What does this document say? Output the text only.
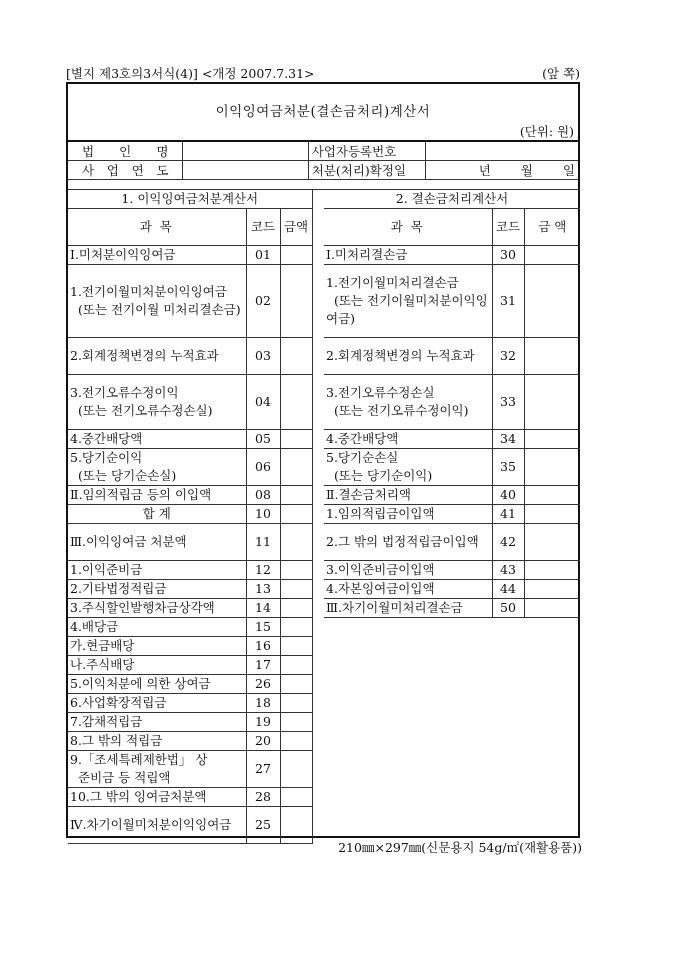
[별지 제3호의3서식(4)] <개정 2007.7.31>	(앞 쪽)
이익잉여금처분(결손금처리)계산서
(단위: 원)
법 인 명		사업자등록번호	
사 업 연 도		처분(처리)확정일	년 월 일
1. 이익잉여금처분계산서		
과 목	코드	금액
Ⅰ.미처분이익잉여금	01	
1.전기이월미처분이익잉여금
(또는 전기이월 미처리결손금)	02	
2.회계정책변경의 누적효과	03	
3.전기오류수정이익
(또는 전기오류수정손실)	04	
4.중간배당액	05	
5.당기순이익
(또는 당기순손실)	06	
Ⅱ.임의적립금 등의 이입액	08	
합 계	10	
Ⅲ.이익잉여금 처분액	11	
1.이익준비금	12	
2.기타법정적립금	13	
3.주식할인발행차금상각액	14	
4.배당금	15	
가.현금배당	16	
나.주식배당	17	
5.이익처분에 의한 상여금	26	
6.사업확장적립금	18	
7.감채적립금	19	
8.그 밖의 적립금	20	
9.「조세특례제한법」 상
준비금 등 적립액	27	
10.그 밖의 잉여금처분액	28	
Ⅳ.차기이월미처분이익잉여금	25	
2. 결손금처리계산서		
과 목	코드	금 액
Ⅰ.미처리결손금	30	
1.전기이월미처리결손금
(또는 전기이월미처분이익잉여금)	31	
2.회계정책변경의 누적효과	32	
3.전기오류수정손실
(또는 전기오류수정이익)	33	
4.중간배당액	34	
5.당기순손실
(또는 당기순이익)	35	
Ⅱ.결손금처리액	40	
1.임의적립금이입액	41	
2.그 밖의 법정적립금이입액	42	
3.이익준비금이입액	43	
4.자본잉여금이입액	44	
Ⅲ.차기이월미처리결손금	50	
210㎜×297㎜(신문용지 54g/㎡(재활용품))
